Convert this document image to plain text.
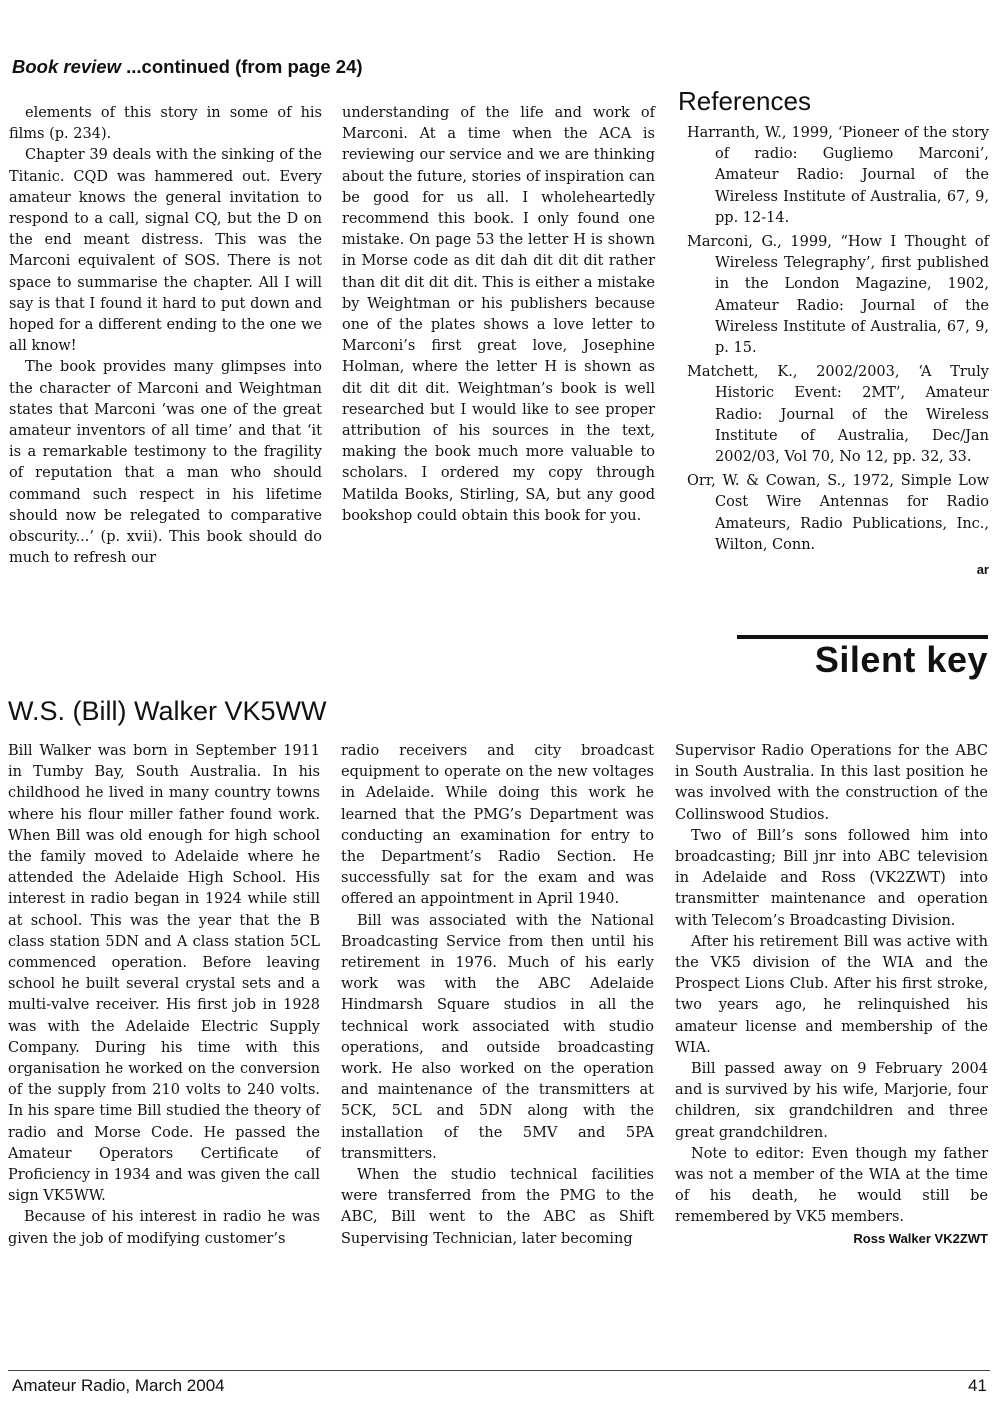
Book review ...continued (from page 24)

elements of this story in some of his films (p. 234).

Chapter 39 deals with the sinking of the Titanic. CQD was hammered out. Every amateur knows the general invitation to respond to a call, signal CQ, but the D on the end meant distress. This was the Marconi equivalent of SOS. There is not space to summarise the chapter. All I will say is that I found it hard to put down and hoped for a different ending to the one we all know!

The book provides many glimpses into the character of Marconi and Weightman states that Marconi ‘was one of the great amateur inventors of all time’ and that ‘it is a remarkable testimony to the fragility of reputation that a man who should command such respect in his lifetime should now be relegated to comparative obscurity...’ (p. xvii). This book should do much to refresh our

understanding of the life and work of Marconi. At a time when the ACA is reviewing our service and we are thinking about the future, stories of inspiration can be good for us all. I wholeheartedly recommend this book. I only found one mistake. On page 53 the letter H is shown in Morse code as dit dah dit dit dit rather than dit dit dit dit. This is either a mistake by Weightman or his publishers because one of the plates shows a love letter to Marconi’s first great love, Josephine Holman, where the letter H is shown as dit dit dit dit. Weightman’s book is well researched but I would like to see proper attribution of his sources in the text, making the book much more valuable to scholars. I ordered my copy through Matilda Books, Stirling, SA, but any good bookshop could obtain this book for you.

References

Harranth, W., 1999, ‘Pioneer of the story of radio: Gugliemo Marconi’, Amateur Radio: Journal of the Wireless Institute of Australia, 67, 9, pp. 12-14.

Marconi, G., 1999, “How I Thought of Wireless Telegraphy’, first published in the London Magazine, 1902, Amateur Radio: Journal of the Wireless Institute of Australia, 67, 9, p. 15.

Matchett, K., 2002/2003, ‘A Truly Historic Event: 2MT’, Amateur Radio: Journal of the Wireless Institute of Australia, Dec/Jan 2002/03, Vol 70, No 12, pp. 32, 33.

Orr, W. & Cowan, S., 1972, Simple Low Cost Wire Antennas for Radio Amateurs, Radio Publications, Inc., Wilton, Conn.

ar
Silent key
W.S. (Bill) Walker VK5WW

Bill Walker was born in September 1911 in Tumby Bay, South Australia. In his childhood he lived in many country towns where his flour miller father found work. When Bill was old enough for high school the family moved to Adelaide where he attended the Adelaide High School. His interest in radio began in 1924 while still at school. This was the year that the B class station 5DN and A class station 5CL commenced operation. Before leaving school he built several crystal sets and a multi-valve receiver. His first job in 1928 was with the Adelaide Electric Supply Company. During his time with this organisation he worked on the conversion of the supply from 210 volts to 240 volts. In his spare time Bill studied the theory of radio and Morse Code. He passed the Amateur Operators Certificate of Proficiency in 1934 and was given the call sign VK5WW.

Because of his interest in radio he was given the job of modifying customer’s

radio receivers and city broadcast equipment to operate on the new voltages in Adelaide. While doing this work he learned that the PMG’s Department was conducting an examination for entry to the Department’s Radio Section. He successfully sat for the exam and was offered an appointment in April 1940.

Bill was associated with the National Broadcasting Service from then until his retirement in 1976. Much of his early work was with the ABC Adelaide Hindmarsh Square studios in all the technical work associated with studio operations, and outside broadcasting work. He also worked on the operation and maintenance of the transmitters at 5CK, 5CL and 5DN along with the installation of the 5MV and 5PA transmitters.

When the studio technical facilities were transferred from the PMG to the ABC, Bill went to the ABC as Shift Supervising Technician, later becoming

Supervisor Radio Operations for the ABC in South Australia. In this last position he was involved with the construction of the Collinswood Studios.

Two of Bill’s sons followed him into broadcasting; Bill jnr into ABC television in Adelaide and Ross (VK2ZWT) into transmitter maintenance and operation with Telecom’s Broadcasting Division.

After his retirement Bill was active with the VK5 division of the WIA and the Prospect Lions Club. After his first stroke, two years ago, he relinquished his amateur license and membership of the WIA.

Bill passed away on 9 February 2004 and is survived by his wife, Marjorie, four children, six grandchildren and three great grandchildren.

Note to editor: Even though my father was not a member of the WIA at the time of his death, he would still be remembered by VK5 members.

Ross Walker VK2ZWT
Amateur Radio, March 2004	41
